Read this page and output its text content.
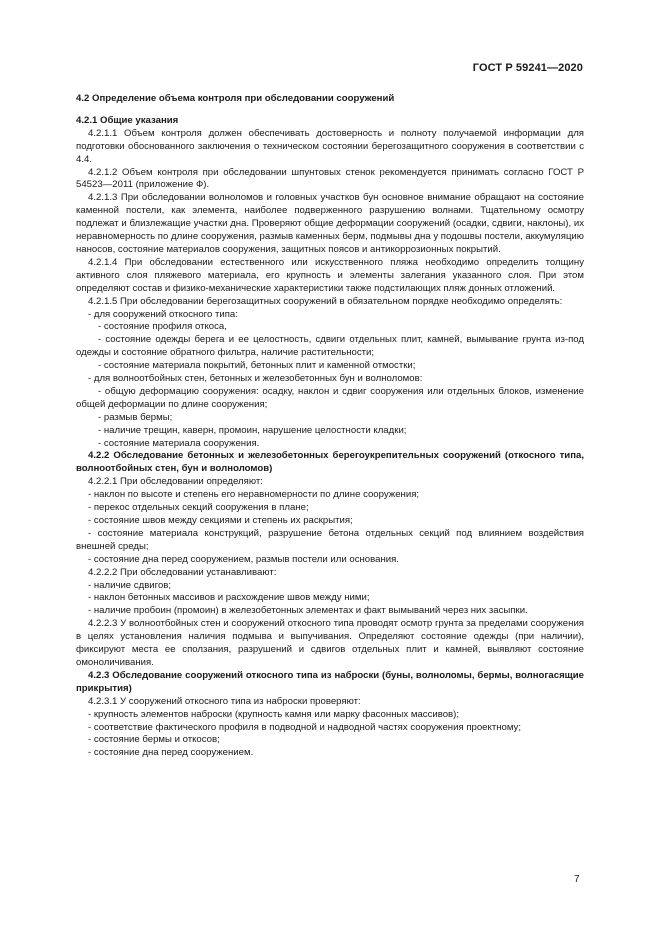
ГОСТ Р 59241—2020

4.2 Определение объема контроля при обследовании сооружений

4.2.1 Общие указания

4.2.1.1 Объем контроля должен обеспечивать достоверность и полноту получаемой информации для подготовки обоснованного заключения о техническом состоянии берегозащитного сооружения в соответствии с 4.4.

4.2.1.2 Объем контроля при обследовании шпунтовых стенок рекомендуется принимать согласно ГОСТ Р 54523—2011 (приложение Ф).

4.2.1.3 При обследовании волноломов и головных участков бун основное внимание обращают на состояние каменной постели, как элемента, наиболее подверженного разрушению волнами. Тщательному осмотру подлежат и близлежащие участки дна. Проверяют общие деформации сооружений (осадки, сдвиги, наклоны), их неравномерность по длине сооружения, размыв каменных берм, подмывы дна у подошвы постели, аккумуляцию наносов, состояние материалов сооружения, защитных поясов и антикоррозионных покрытий.

4.2.1.4 При обследовании естественного или искусственного пляжа необходимо определить толщину активного слоя пляжевого материала, его крупность и элементы залегания указанного слоя. При этом определяют состав и физико-механические характеристики также подстилающих пляж донных отложений.

4.2.1.5 При обследовании берегозащитных сооружений в обязательном порядке необходимо определять:

- для сооружений откосного типа:

- состояние профиля откоса,

- состояние одежды берега и ее целостность, сдвиги отдельных плит, камней, вымывание грунта из-под одежды и состояние обратного фильтра, наличие растительности;

- состояние материала покрытий, бетонных плит и каменной отмостки;

- для волноотбойных стен, бетонных и железобетонных бун и волноломов:

- общую деформацию сооружения: осадку, наклон и сдвиг сооружения или отдельных блоков, изменение общей деформации по длине сооружения;

- размыв бермы;

- наличие трещин, каверн, промоин, нарушение целостности кладки;

- состояние материала сооружения.

4.2.2 Обследование бетонных и железобетонных берегоукрепительных сооружений (откосного типа, волноотбойных стен, бун и волноломов)

4.2.2.1 При обследовании определяют:

- наклон по высоте и степень его неравномерности по длине сооружения;

- перекос отдельных секций сооружения в плане;

- состояние швов между секциями и степень их раскрытия;

- состояние материала конструкций, разрушение бетона отдельных секций под влиянием воздействия внешней среды;

- состояние дна перед сооружением, размыв постели или основания.

4.2.2.2 При обследовании устанавливают:

- наличие сдвигов;

- наклон бетонных массивов и расхождение швов между ними;

- наличие пробоин (промоин) в железобетонных элементах и факт вымываний через них засыпки.

4.2.2.3 У волноотбойных стен и сооружений откосного типа проводят осмотр грунта за пределами сооружения в целях установления наличия подмыва и выпучивания. Определяют состояние одежды (при наличии), фиксируют места ее сползания, разрушений и сдвигов отдельных плит и камней, выявляют состояние омоноличивания.

4.2.3 Обследование сооружений откосного типа из наброски (буны, волноломы, бермы, волногасящие прикрытия)

4.2.3.1 У сооружений откосного типа из наброски проверяют:

- крупность элементов наброски (крупность камня или марку фасонных массивов);

- соответствие фактического профиля в подводной и надводной частях сооружения проектному;

- состояние бермы и откосов;

- состояние дна перед сооружением.

7
